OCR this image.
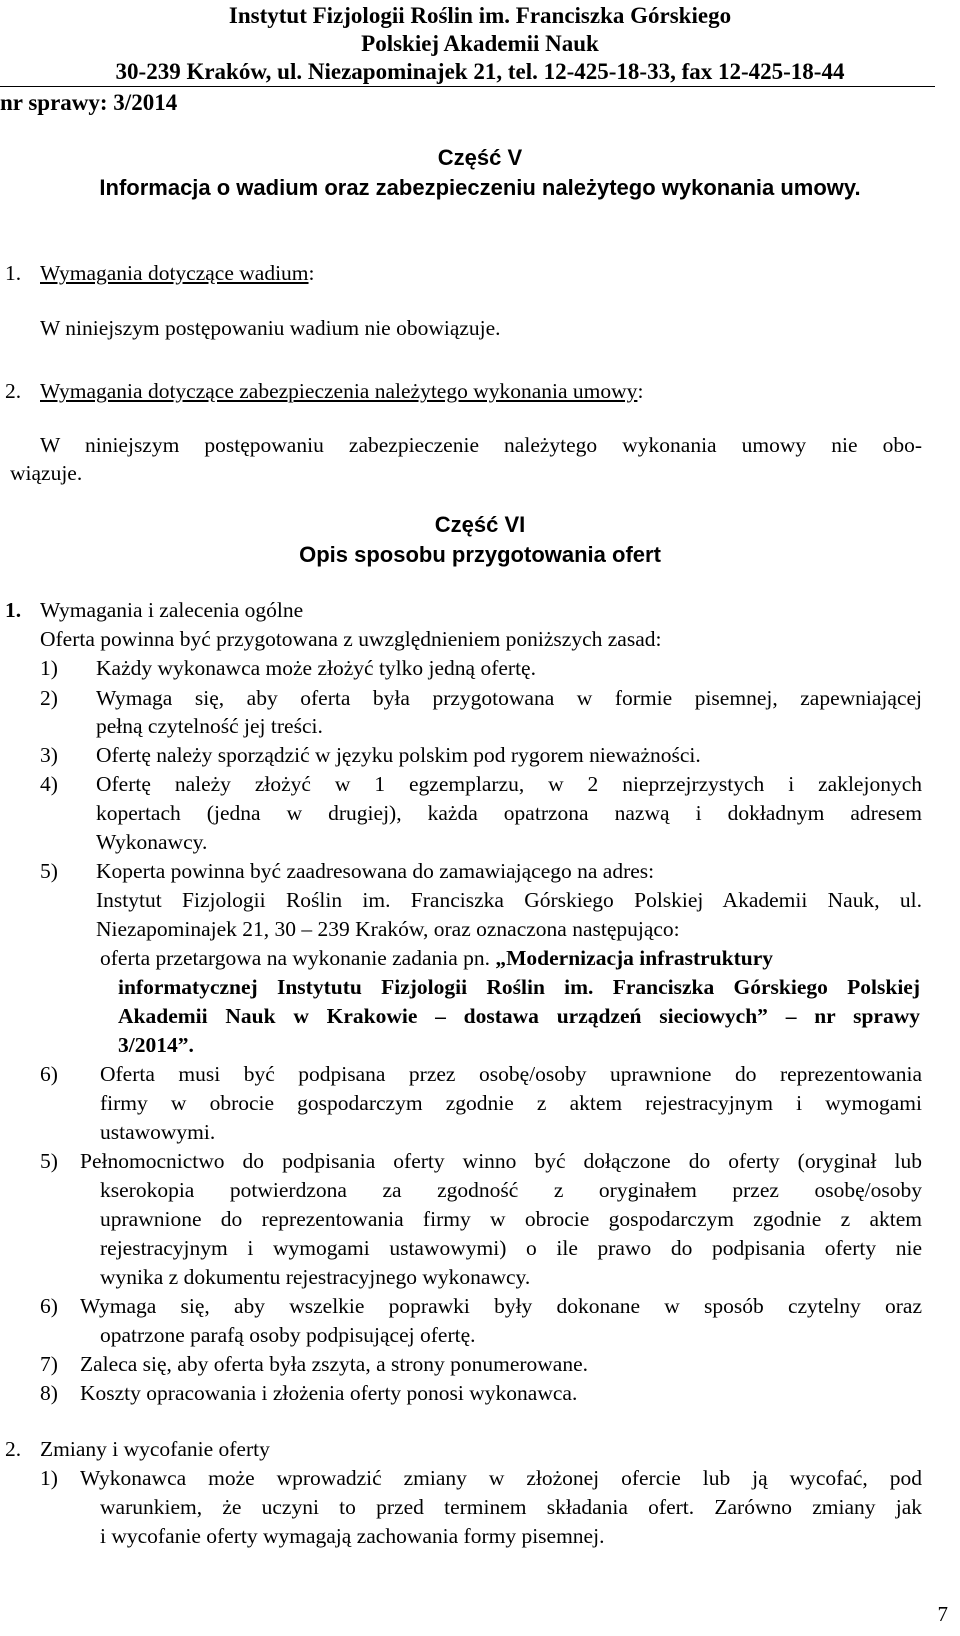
Instytut Fizjologii Roślin im. Franciszka Górskiego
Polskiej Akademii Nauk
30-239 Kraków, ul. Niezapominajek 21, tel. 12-425-18-33, fax 12-425-18-44
nr sprawy: 3/2014
Część V
Informacja o wadium oraz zabezpieczeniu należytego wykonania umowy.
1. Wymagania dotyczące wadium:
W niniejszym postępowaniu wadium nie obowiązuje.
2. Wymagania dotyczące zabezpieczenia należytego wykonania umowy:
W niniejszym postępowaniu zabezpieczenie należytego wykonania umowy nie obo-
wiązuje.
Część VI
Opis sposobu przygotowania ofert
1. Wymagania i zalecenia ogólne
Oferta powinna być przygotowana z uwzględnieniem poniższych zasad:
1) Każdy wykonawca może złożyć tylko jedną ofertę.
2) Wymaga się, aby oferta była przygotowana w formie pisemnej, zapewniającej
pełną czytelność jej treści.
3) Ofertę należy sporządzić w języku polskim pod rygorem nieważności.
4) Ofertę należy złożyć w 1 egzemplarzu, w 2 nieprzejrzystych i zaklejonych
kopertach (jedna w drugiej), każda opatrzona nazwą i dokładnym adresem
Wykonawcy.
5) Koperta powinna być zaadresowana do zamawiającego na adres:
Instytut Fizjologii Roślin im. Franciszka Górskiego Polskiej Akademii Nauk, ul.
Niezapominajek 21, 30 – 239 Kraków, oraz oznaczona następująco:
oferta przetargowa na wykonanie zadania pn. „Modernizacja infrastruktury
informatycznej Instytutu Fizjologii Roślin im. Franciszka Górskiego Polskiej
Akademii Nauk w Krakowie – dostawa urządzeń sieciowych” – nr sprawy
3/2014”.
6) Oferta musi być podpisana przez osobę/osoby uprawnione do reprezentowania
firmy w obrocie gospodarczym zgodnie z aktem rejestracyjnym i wymogami
ustawowymi.
5) Pełnomocnictwo do podpisania oferty winno być dołączone do oferty (oryginał lub
kserokopia potwierdzona za zgodność z oryginałem przez osobę/osoby
uprawnione do reprezentowania firmy w obrocie gospodarczym zgodnie z aktem
rejestracyjnym i wymogami ustawowymi) o ile prawo do podpisania oferty nie
wynika z dokumentu rejestracyjnego wykonawcy.
6) Wymaga się, aby wszelkie poprawki były dokonane w sposób czytelny oraz
opatrzone parafą osoby podpisującej ofertę.
7) Zaleca się, aby oferta była zszyta, a strony ponumerowane.
8) Koszty opracowania i złożenia oferty ponosi wykonawca.
2. Zmiany i wycofanie oferty
1) Wykonawca może wprowadzić zmiany w złożonej ofercie lub ją wycofać, pod
warunkiem, że uczyni to przed terminem składania ofert. Zarówno zmiany jak
i wycofanie oferty wymagają zachowania formy pisemnej.
7
